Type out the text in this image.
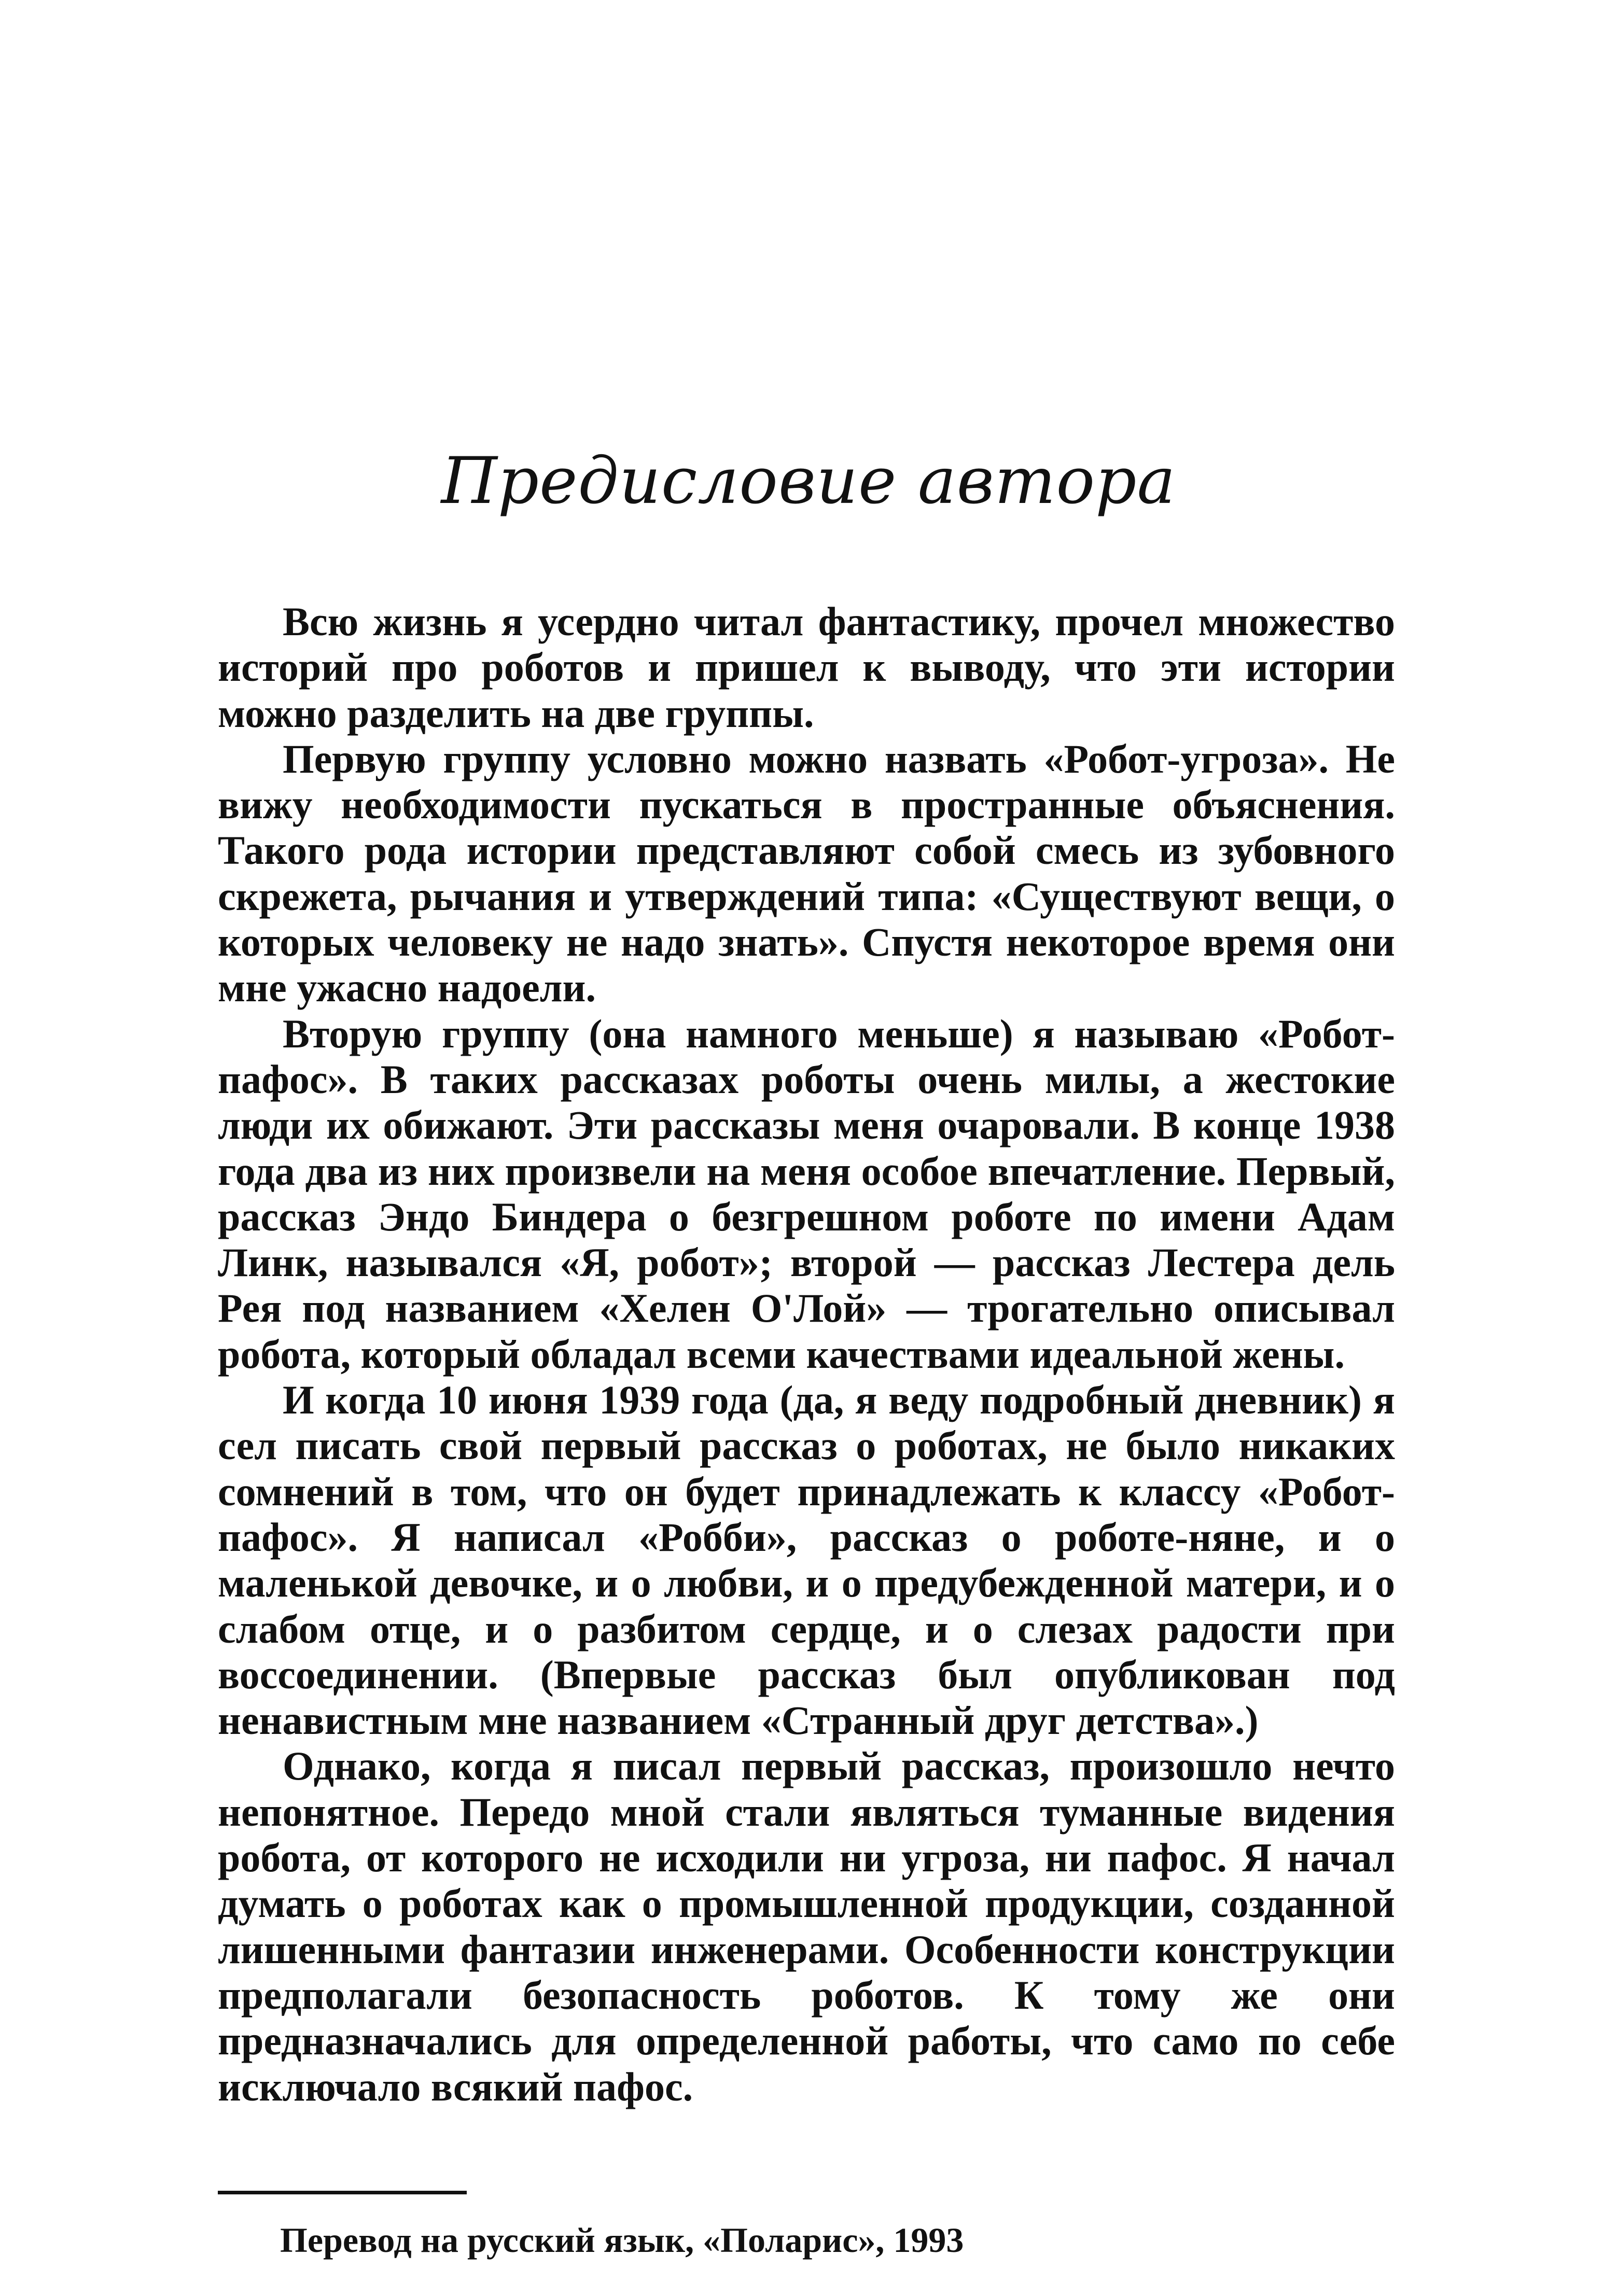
Предисловие автора

Всю жизнь я усердно читал фантастику, прочел множество историй про роботов и пришел к выводу, что эти истории можно разделить на две группы.

Первую группу условно можно назвать «Робот-угроза». Не вижу необходимости пускаться в пространные объяснения. Такого рода истории представляют собой смесь из зубовного скрежета, рычания и утверждений типа: «Существуют вещи, о которых человеку не надо знать». Спустя некоторое время они мне ужасно надоели.

Вторую группу (она намного меньше) я называю «Робот-пафос». В таких рассказах роботы очень милы, а жестокие люди их обижают. Эти рассказы меня очаровали. В конце 1938 года два из них произвели на меня особое впечатление. Первый, рассказ Эндо Биндера о безгрешном роботе по имени Адам Линк, назывался «Я, робот»; второй — рассказ Лестера дель Рея под названием «Хелен О'Лой» — трогательно описывал робота, который обладал всеми качествами идеальной жены.

И когда 10 июня 1939 года (да, я веду подробный дневник) я сел писать свой первый рассказ о роботах, не было никаких сомнений в том, что он будет принадлежать к классу «Робот-пафос». Я написал «Робби», рассказ о роботе-няне, и о маленькой девочке, и о любви, и о предубежденной матери, и о слабом отце, и о разбитом сердце, и о слезах радости при воссоединении. (Впервые рассказ был опубликован под ненавистным мне названием «Странный друг детства».)

Однако, когда я писал первый рассказ, произошло нечто непонятное. Передо мной стали являться туманные видения робота, от которого не исходили ни угроза, ни пафос. Я начал думать о роботах как о промышленной продукции, созданной лишенными фантазии инженерами. Особенности конструкции предполагали безопасность роботов. К тому же они предназначались для определенной работы, что само по себе исключало всякий пафос.

Перевод на русский язык, «Поларис», 1993
